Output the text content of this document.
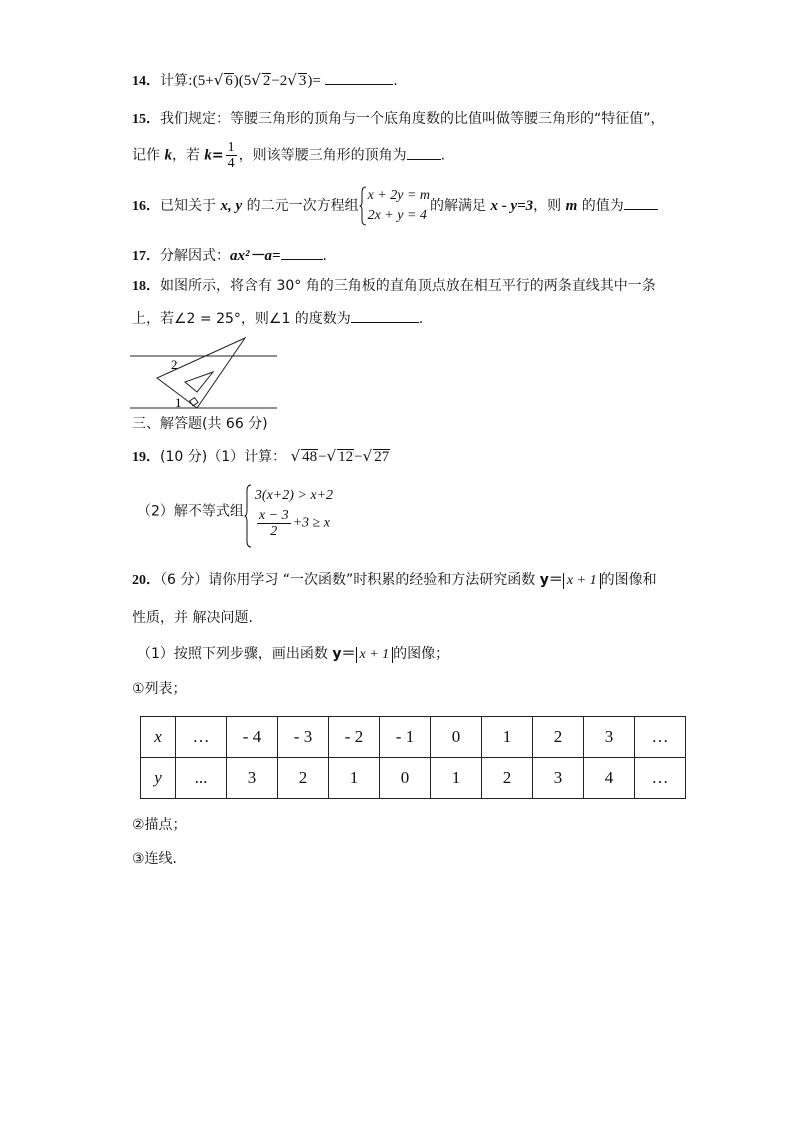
14．计算:(5+√ 6)(5√ 2−2√ 3)=	.
15．我们规定：等腰三角形的顶角与一个底角度数的比值叫做等腰三角形的“特征值”，
记作 k，若 $k= \frac{1}{4}$ ，则该等腰三角形的顶角为 .
16．已知关于 x, y 的二元一次方程组
x + 2y = m
2x + y = 4
的解满足 x - y=3，则 m 的值为
17．分解因式：ax²－a=	.
18．如图所示，将含有 30° 角的三角板的直角顶点放在相互平行的两条直线其中一条
上，若∠2 = 25°，则∠1 的度数为	.
2
1
三、解答题(共 66 分)
19．(10 分)（1）计算： √ 48−√ 12−√ 27
（2）解不等式组
3(x+2) > x+2
$\frac{x - 3}{2} +3 \ge x$
20．（6 分）请你用学习 “一次函数”时积累的经验和方法研究函数 y＝ x + 1 的图像和
性质，并 解决问题.
（1）按照下列步骤，画出函数 y＝ x + 1 的图像；
①列表；
x	…	- 4	- 3	- 2	- 1	0	1	2	3	…
y	...	3	2	1	0	1	2	3	4	…
②描点；
③连线.
